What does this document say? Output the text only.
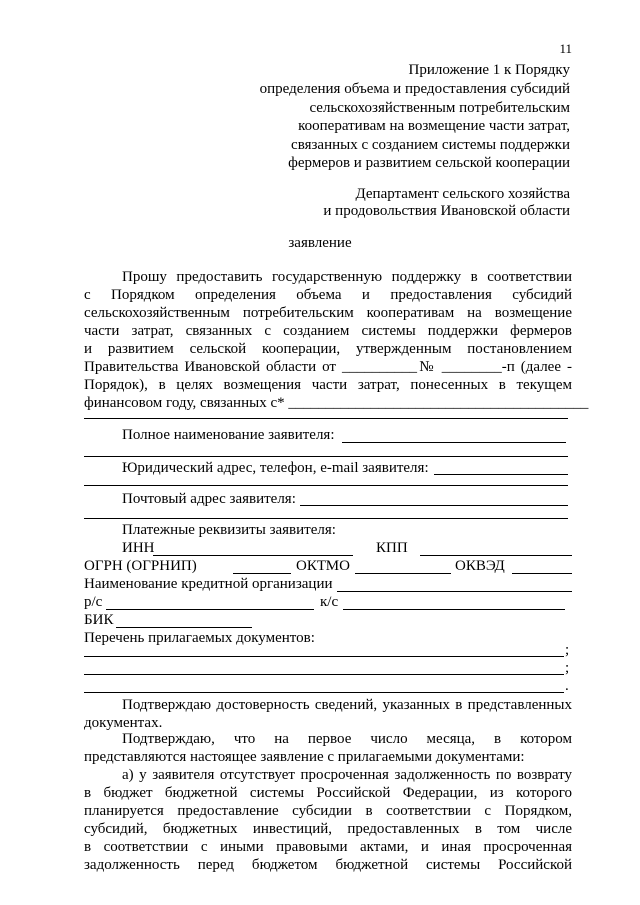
11
Приложение 1 к Порядку
определения объема и предоставления субсидий
сельскохозяйственным потребительским
кооперативам на возмещение части затрат,
связанных с созданием системы поддержки
фермеров и развитием сельской кооперации
Департамент сельского хозяйства
и продовольствия Ивановской области
заявление
Прошу предоставить государственную поддержку в соответствии
с Порядком определения объема и предоставления субсидий
сельскохозяйственным потребительским кооперативам на возмещение
части затрат, связанных с созданием системы поддержки фермеров
и развитием сельской кооперации, утвержденным постановлением
Правительства Ивановской области от __________№ ________-п (далее -
Порядок), в целях возмещения части затрат, понесенных в текущем
финансовом году, связанных с* ________________________________________
Полное наименование заявителя:
Юридический адрес, телефон, e-mail заявителя:
Почтовый адрес заявителя:
Платежные реквизиты заявителя:
ИНН	КПП
ОГРН (ОГРНИП)	ОКТМО	ОКВЭД
Наименование кредитной организации
р/с	к/с
БИК
Перечень прилагаемых документов:
;
;
.
Подтверждаю достоверность сведений, указанных в представленных
документах.
Подтверждаю, что на первое число месяца, в котором
представляются настоящее заявление с прилагаемыми документами:
а) у заявителя отсутствует просроченная задолженность по возврату
в бюджет бюджетной системы Российской Федерации, из которого
планируется предоставление субсидии в соответствии с Порядком,
субсидий, бюджетных инвестиций, предоставленных в том числе
в соответствии с иными правовыми актами, и иная просроченная
задолженность перед бюджетом бюджетной системы Российской
